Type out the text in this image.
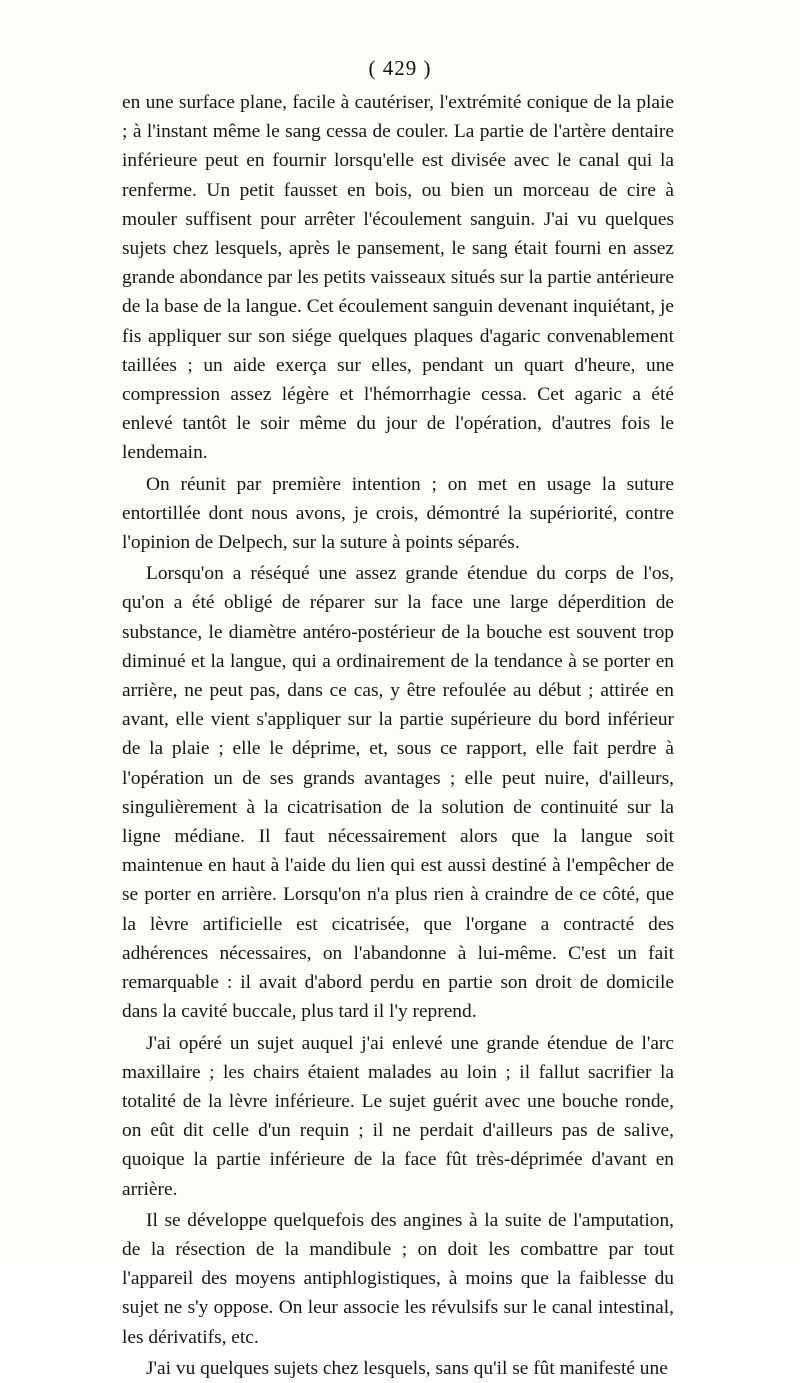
( 429 )

en une surface plane, facile à cautériser, l'extrémité conique de la plaie ; à l'instant même le sang cessa de couler. La partie de l'artère dentaire inférieure peut en fournir lorsqu'elle est divisée avec le canal qui la renferme. Un petit fausset en bois, ou bien un morceau de cire à mouler suffisent pour arrêter l'écoulement sanguin. J'ai vu quelques sujets chez lesquels, après le pansement, le sang était fourni en assez grande abondance par les petits vaisseaux situés sur la partie antérieure de la base de la langue. Cet écoulement sanguin devenant inquiétant, je fis appliquer sur son siége quelques plaques d'agaric convenablement taillées ; un aide exerça sur elles, pendant un quart d'heure, une compression assez légère et l'hémorrhagie cessa. Cet agaric a été enlevé tantôt le soir même du jour de l'opération, d'autres fois le lendemain.

On réunit par première intention ; on met en usage la suture entortillée dont nous avons, je crois, démontré la supériorité, contre l'opinion de Delpech, sur la suture à points séparés.

Lorsqu'on a réséqué une assez grande étendue du corps de l'os, qu'on a été obligé de réparer sur la face une large déperdition de substance, le diamètre antéro-postérieur de la bouche est souvent trop diminué et la langue, qui a ordinairement de la tendance à se porter en arrière, ne peut pas, dans ce cas, y être refoulée au début ; attirée en avant, elle vient s'appliquer sur la partie supérieure du bord inférieur de la plaie ; elle le déprime, et, sous ce rapport, elle fait perdre à l'opération un de ses grands avantages ; elle peut nuire, d'ailleurs, singulièrement à la cicatrisation de la solution de continuité sur la ligne médiane. Il faut nécessairement alors que la langue soit maintenue en haut à l'aide du lien qui est aussi destiné à l'empêcher de se porter en arrière. Lorsqu'on n'a plus rien à craindre de ce côté, que la lèvre artificielle est cicatrisée, que l'organe a contracté des adhérences nécessaires, on l'abandonne à lui-même. C'est un fait remarquable : il avait d'abord perdu en partie son droit de domicile dans la cavité buccale, plus tard il l'y reprend.

J'ai opéré un sujet auquel j'ai enlevé une grande étendue de l'arc maxillaire ; les chairs étaient malades au loin ; il fallut sacrifier la totalité de la lèvre inférieure. Le sujet guérit avec une bouche ronde, on eût dit celle d'un requin ; il ne perdait d'ailleurs pas de salive, quoique la partie inférieure de la face fût très-déprimée d'avant en arrière.

Il se développe quelquefois des angines à la suite de l'amputation, de la résection de la mandibule ; on doit les combattre par tout l'appareil des moyens antiphlogistiques, à moins que la faiblesse du sujet ne s'y oppose. On leur associe les révulsifs sur le canal intestinal, les dérivatifs, etc.

J'ai vu quelques sujets chez lesquels, sans qu'il se fût manifesté une
